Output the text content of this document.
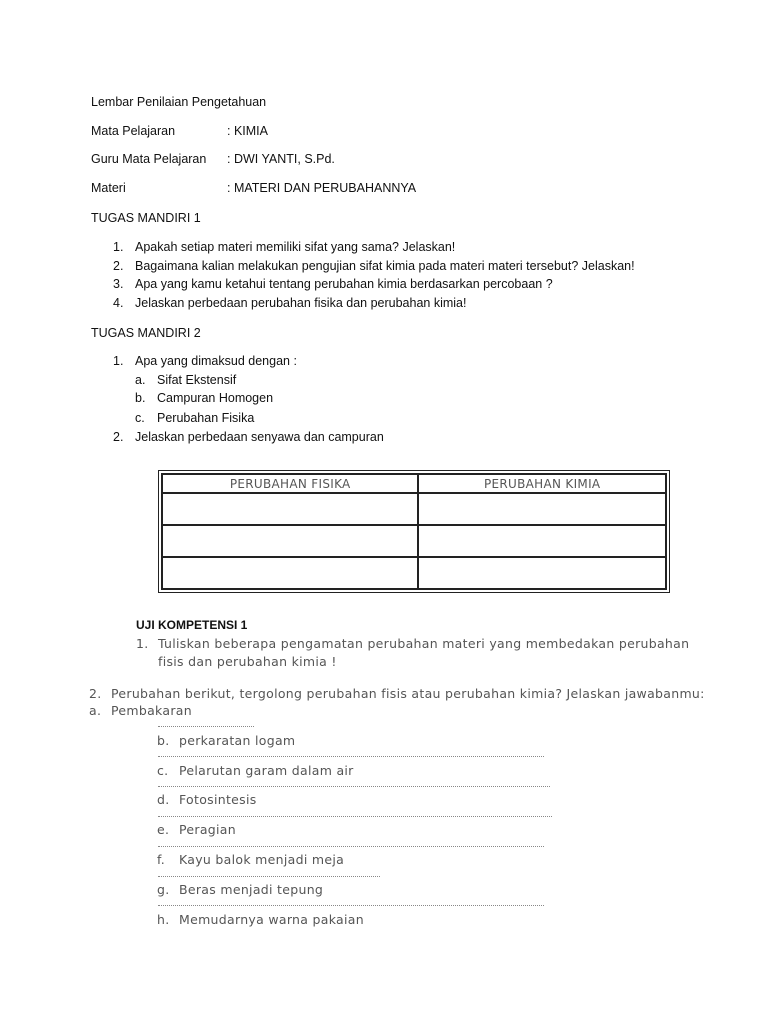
Lembar Penilaian Pengetahuan
Mata Pelajaran	: KIMIA
Guru Mata Pelajaran : DWI YANTI, S.Pd.
Materi	: MATERI DAN PERUBAHANNYA
TUGAS MANDIRI 1
1. Apakah setiap materi memiliki sifat yang sama? Jelaskan!
2. Bagaimana kalian melakukan pengujian sifat kimia pada materi materi tersebut? Jelaskan!
3. Apa yang kamu ketahui tentang perubahan kimia berdasarkan percobaan ?
4. Jelaskan perbedaan perubahan fisika dan perubahan kimia!
TUGAS MANDIRI 2
1. Apa yang dimaksud dengan :
a. Sifat Ekstensif
b. Campuran Homogen
c. Perubahan Fisika
2. Jelaskan perbedaan senyawa dan campuran
PERUBAHAN FISIKA	PERUBAHAN KIMIA

UJI KOMPETENSI 1
1. Tuliskan beberapa pengamatan perubahan materi yang membedakan perubahan
fisis dan perubahan kimia !
2. Perubahan berikut, tergolong perubahan fisis atau perubahan kimia? Jelaskan jawabanmu:
a. Pembakaran
b. perkaratan logam
c. Pelarutan garam dalam air
d. Fotosintesis
e. Peragian
f. Kayu balok menjadi meja
g. Beras menjadi tepung
h. Memudarnya warna pakaian
